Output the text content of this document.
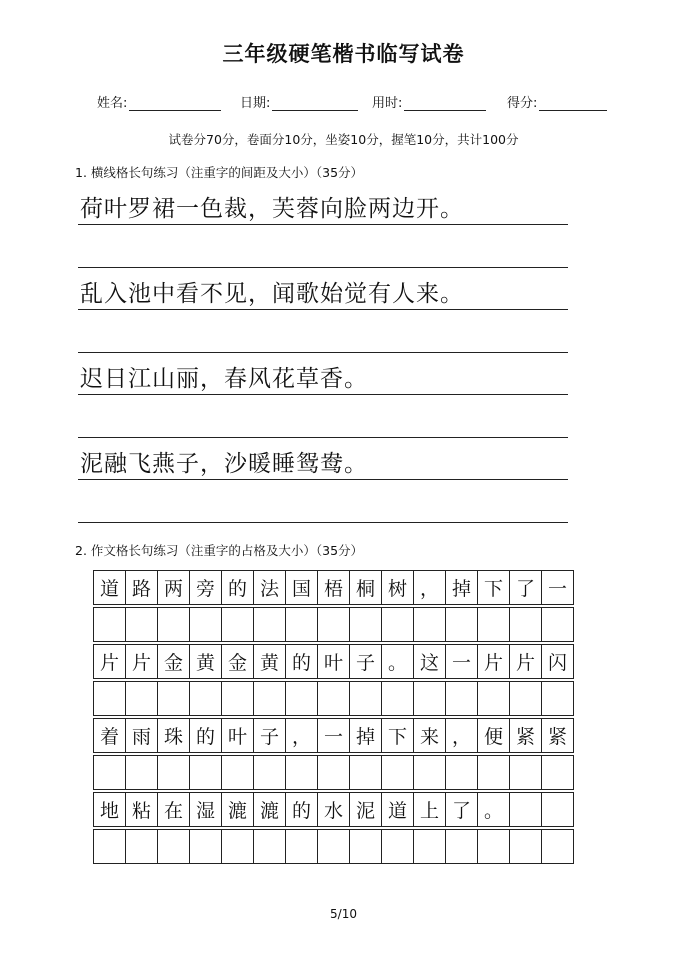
三年级硬笔楷书临写试卷
姓名:	日期:	用时:	得分:
试卷分70分，卷面分10分，坐姿10分，握笔10分，共计100分
1. 横线格长句练习（注重字的间距及大小）（35分）
荷叶罗裙一色裁，芙蓉向脸两边开。
乱入池中看不见，闻歌始觉有人来。
迟日江山丽，春风花草香。
泥融飞燕子，沙暖睡鸳鸯。
2. 作文格长句练习（注重字的占格及大小）（35分）
道 路 两 旁 的 法 国 梧 桐 树 ， 掉 下 了 一
片 片 金 黄 金 黄 的 叶 子 。 这 一 片 片 闪
着 雨 珠 的 叶 子 ， 一 掉 下 来 ， 便 紧 紧
地 粘 在 湿 漉 漉 的 水 泥 道 上 了 。
5/10
